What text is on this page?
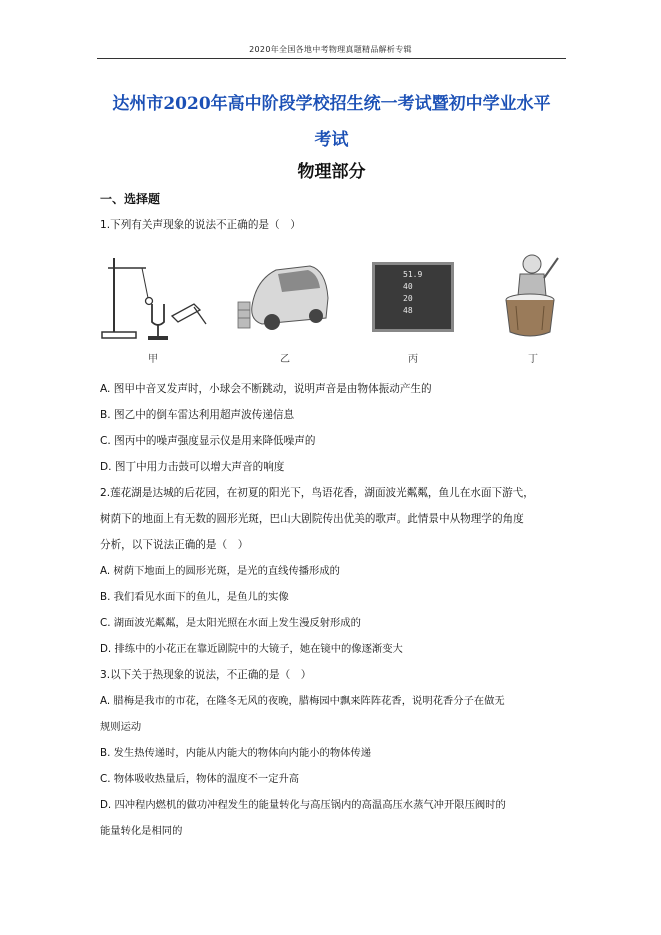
2020年全国各地中考物理真题精品解析专辑
达州市2020年高中阶段学校招生统一考试暨初中学业水平
考试
物理部分
一、选择题
1.下列有关声现象的说法不正确的是（　）
甲	乙
51.9
40
20
48
丙	丁
A. 图甲中音叉发声时，小球会不断跳动，说明声音是由物体振动产生的
B. 图乙中的倒车雷达利用超声波传递信息
C. 图丙中的噪声强度显示仪是用来降低噪声的
D. 图丁中用力击鼓可以增大声音的响度
2.莲花湖是达城的后花园，在初夏的阳光下，鸟语花香，湖面波光粼粼，鱼儿在水面下游弋，
树荫下的地面上有无数的圆形光斑，巴山大剧院传出优美的歌声。此情景中从物理学的角度
分析，以下说法正确的是（　）
A. 树荫下地面上的圆形光斑，是光的直线传播形成的
B. 我们看见水面下的鱼儿，是鱼儿的实像
C. 湖面波光粼粼，是太阳光照在水面上发生漫反射形成的
D. 排练中的小花正在靠近剧院中的大镜子，她在镜中的像逐渐变大
3.以下关于热现象的说法，不正确的是（　）
A. 腊梅是我市的市花，在隆冬无风的夜晚，腊梅园中飘来阵阵花香，说明花香分子在做无
规则运动
B. 发生热传递时，内能从内能大的物体向内能小的物体传递
C. 物体吸收热量后，物体的温度不一定升高
D. 四冲程内燃机的做功冲程发生的能量转化与高压锅内的高温高压水蒸气冲开限压阀时的
能量转化是相同的
